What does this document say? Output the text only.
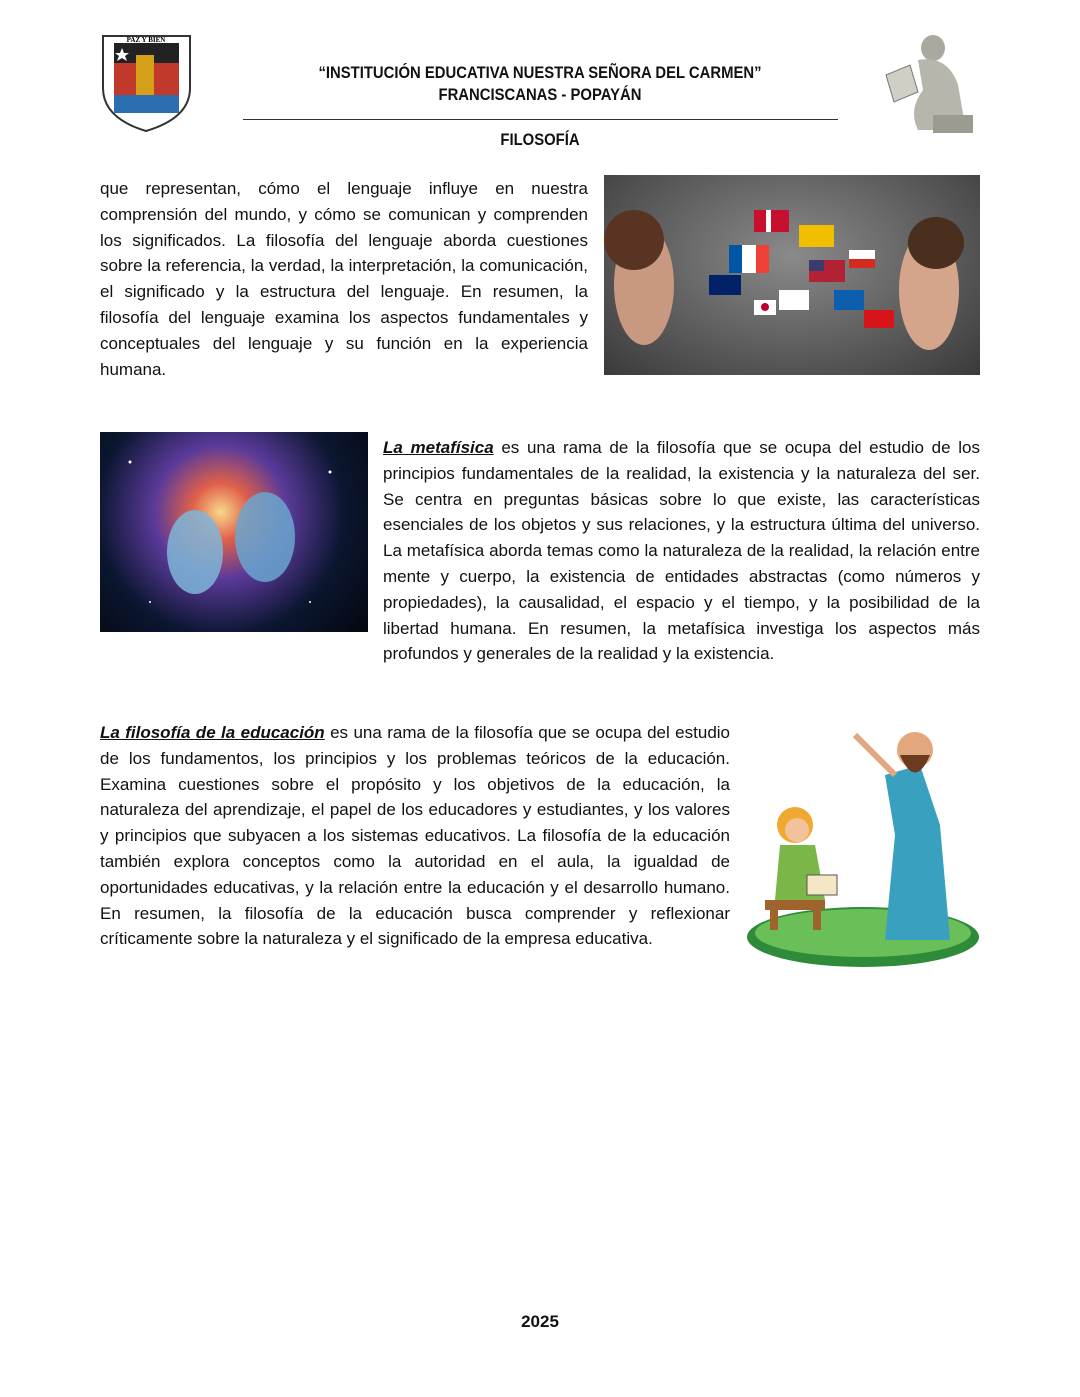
PAZ Y BIEN
“INSTITUCIÓN EDUCATIVA NUESTRA SEÑORA DEL CARMEN”
FRANCISCANAS - POPAYÁN
FILOSOFÍA

que representan, cómo el lenguaje influye en nuestra comprensión del mundo, y cómo se comunican y comprenden los significados. La filosofía del lenguaje aborda cuestiones sobre la referencia, la verdad, la interpretación, la comunicación, el significado y la estructura del lenguaje. En resumen, la filosofía del lenguaje examina los aspectos fundamentales y conceptuales del lenguaje y su función en la experiencia humana.

La metafísica es una rama de la filosofía que se ocupa del estudio de los principios fundamentales de la realidad, la existencia y la naturaleza del ser. Se centra en preguntas básicas sobre lo que existe, las características esenciales de los objetos y sus relaciones, y la estructura última del universo. La metafísica aborda temas como la naturaleza de la realidad, la relación entre mente y cuerpo, la existencia de entidades abstractas (como números y propiedades), la causalidad, el espacio y el tiempo, y la posibilidad de la libertad humana. En resumen, la metafísica investiga los aspectos más profundos y generales de la realidad y la existencia.

La filosofía de la educación es una rama de la filosofía que se ocupa del estudio de los fundamentos, los principios y los problemas teóricos de la educación. Examina cuestiones sobre el propósito y los objetivos de la educación, la naturaleza del aprendizaje, el papel de los educadores y estudiantes, y los valores y principios que subyacen a los sistemas educativos. La filosofía de la educación también explora conceptos como la autoridad en el aula, la igualdad de oportunidades educativas, y la relación entre la educación y el desarrollo humano. En resumen, la filosofía de la educación busca comprender y reflexionar críticamente sobre la naturaleza y el significado de la empresa educativa.

2025
